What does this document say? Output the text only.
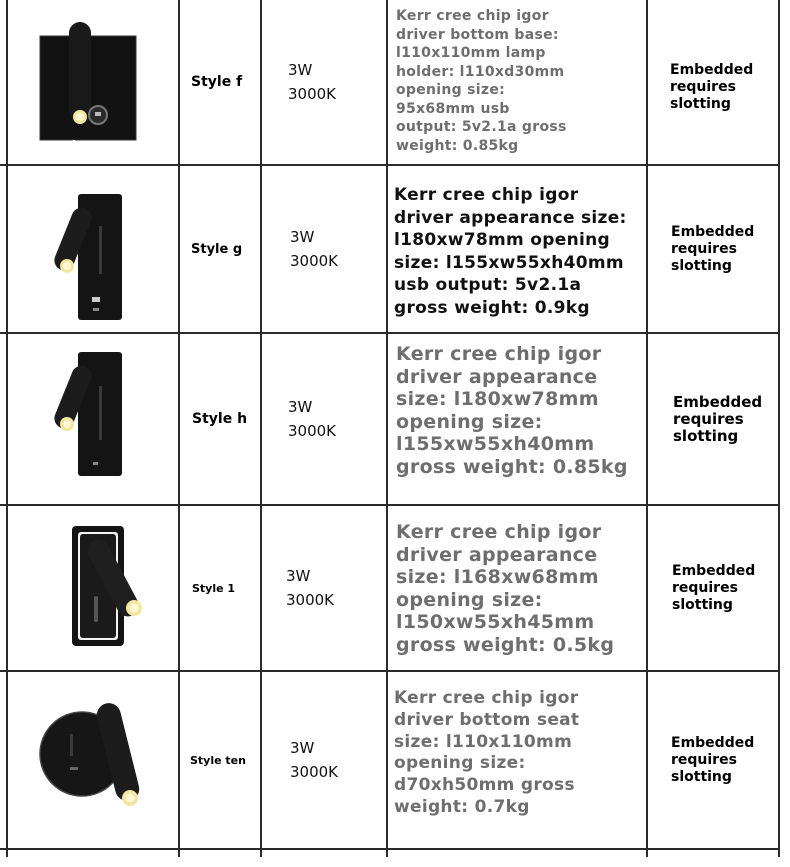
Style f
3W
3000K
Kerr cree chip igor
driver bottom base:
l110x110mm lamp
holder: l110xd30mm
opening size:
95x68mm usb
output: 5v2.1a gross
weight: 0.85kg
Embedded
requires
slotting
Style g
3W
3000K
Kerr cree chip igor
driver appearance size:
l180xw78mm opening
size: l155xw55xh40mm
usb output: 5v2.1a
gross weight: 0.9kg
Embedded
requires
slotting
Style h
3W
3000K
Kerr cree chip igor
driver appearance
size: l180xw78mm
opening size:
l155xw55xh40mm
gross weight: 0.85kg
Embedded
requires
slotting
Style 1
3W
3000K
Kerr cree chip igor
driver appearance
size: l168xw68mm
opening size:
l150xw55xh45mm
gross weight: 0.5kg
Embedded
requires
slotting
Style ten
3W
3000K
Kerr cree chip igor
driver bottom seat
size: l110x110mm
opening size:
d70xh50mm gross
weight: 0.7kg
Embedded
requires
slotting
